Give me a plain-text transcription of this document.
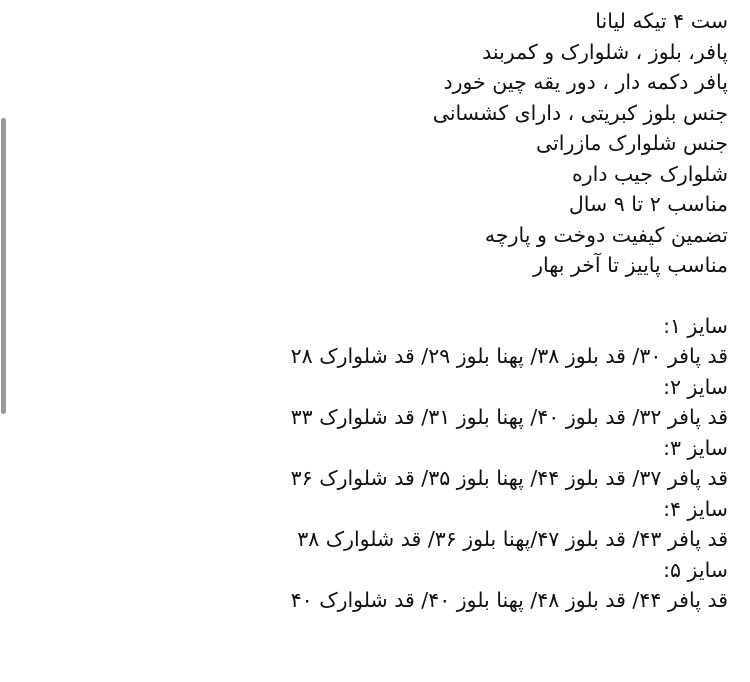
ست ۴ تیکه لیانا
پافر، بلوز ، شلوارک و کمربند
پافر دکمه دار ، دور یقه چین خورد
جنس بلوز کبریتی ، دارای کشسانی
جنس شلوارک مازراتی
شلوارک جیب داره
مناسب ۲ تا ۹ سال
تضمین کیفیت دوخت و پارچه
مناسب پاییز تا آخر بهار
سایز ۱:
قد پافر ۳۰/ قد بلوز ۳۸/ پهنا بلوز ۲۹/ قد شلوارک ۲۸
سایز ۲:
قد پافر ۳۲/ قد بلوز ۴۰/ پهنا بلوز ۳۱/ قد شلوارک ۳۳
سایز ۳:
قد پافر ۳۷/ قد بلوز ۴۴/ پهنا بلوز ۳۵/ قد شلوارک ۳۶
سایز ۴:
قد پافر ۴۳/ قد بلوز ۴۷/پهنا بلوز ۳۶/ قد شلوارک ۳۸
سایز ۵:
قد پافر ۴۴/ قد بلوز ۴۸/ پهنا بلوز ۴۰/ قد شلوارک ۴۰
